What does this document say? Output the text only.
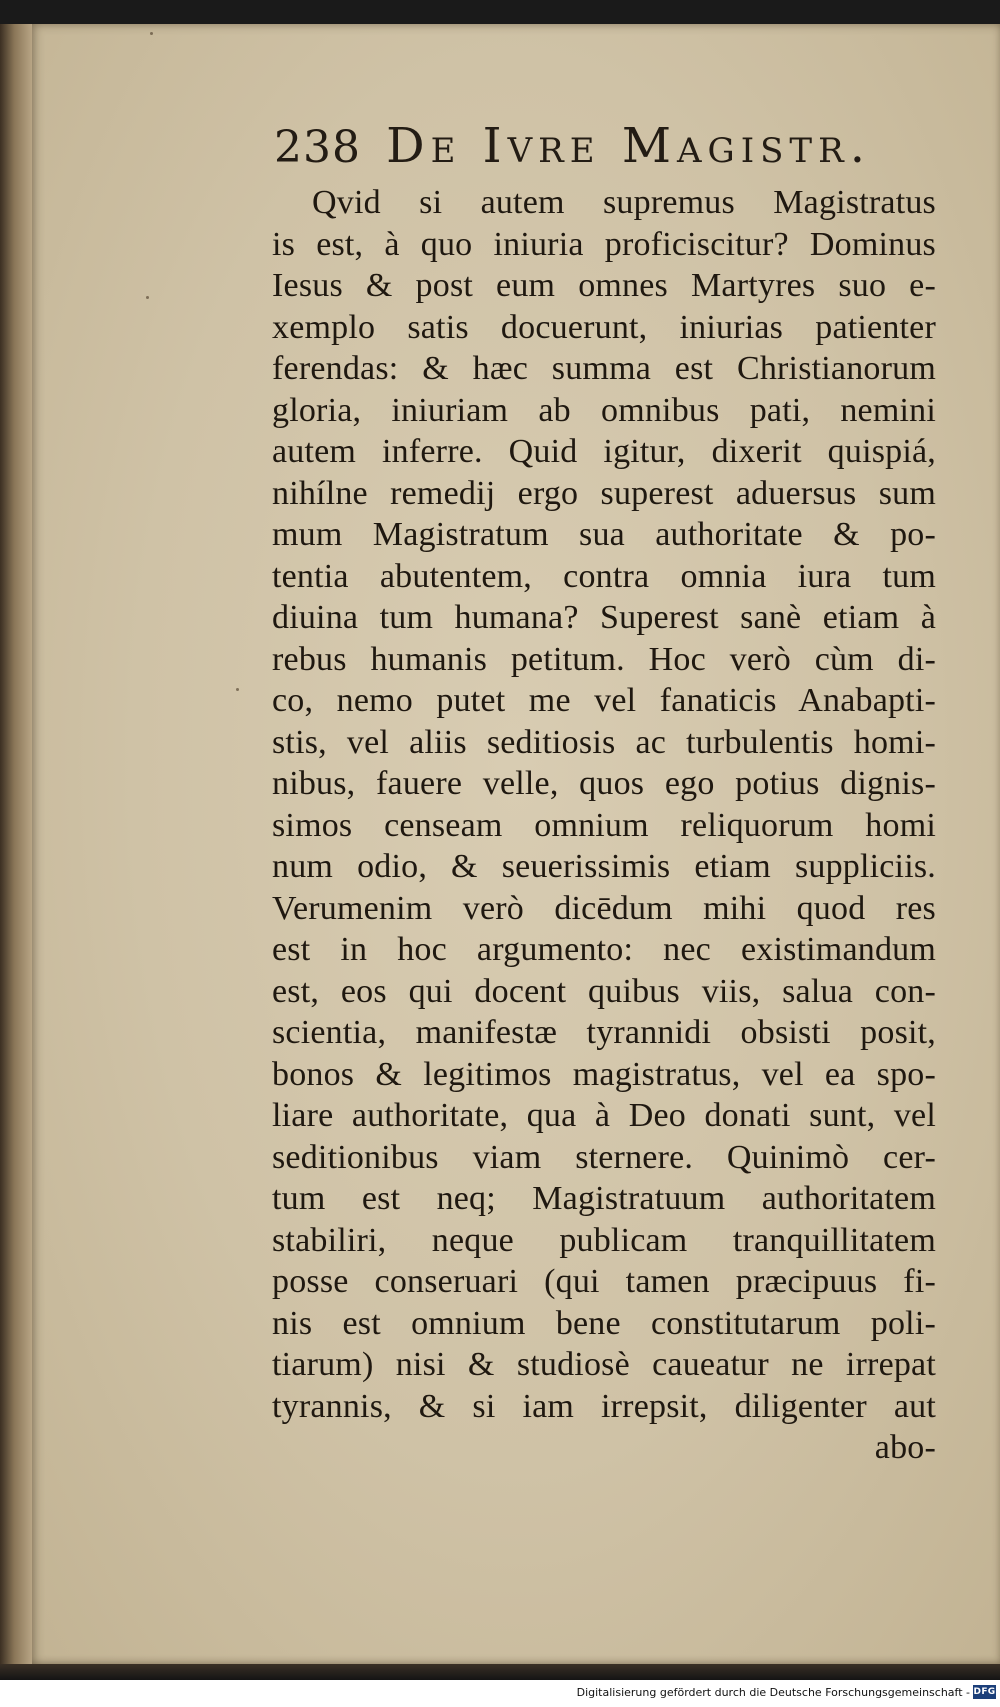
238 De Ivre Magistr.
Qvid si autem supremus Magistratus
is est, à quo iniuria proficiscitur? Dominus
Iesus & post eum omnes Martyres suo e-
xemplo satis docuerunt, iniurias patienter
ferendas: & hæc summa est Christianorum
gloria, iniuriam ab omnibus pati, nemini
autem inferre. Quid igitur, dixerit quispiá,
nihílne remedij ergo superest aduersus sum
mum Magistratum sua authoritate & po-
tentia abutentem, contra omnia iura tum
diuina tum humana? Superest sanè etiam à
rebus humanis petitum. Hoc verò cùm di-
co, nemo putet me vel fanaticis Anabapti-
stis, vel aliis seditiosis ac turbulentis homi-
nibus, fauere velle, quos ego potius dignis-
simos censeam omnium reliquorum homi
num odio, & seuerissimis etiam suppliciis.
Verumenim verò dicēdum mihi quod res
est in hoc argumento: nec existimandum
est, eos qui docent quibus viis, salua con-
scientia, manifestæ tyrannidi obsisti posit,
bonos & legitimos magistratus, vel ea spo-
liare authoritate, qua à Deo donati sunt, vel
seditionibus viam sternere. Quinimò cer-
tum est neq; Magistratuum authoritatem
stabiliri, neque publicam tranquillitatem
posse conseruari (qui tamen præcipuus fi-
nis est omnium bene constitutarum poli-
tiarum) nisi & studiosè caueatur ne irrepat
tyrannis, & si iam irrepsit, diligenter aut
abo-
Digitalisierung gefördert durch die Deutsche Forschungsgemeinschaft - DFG
